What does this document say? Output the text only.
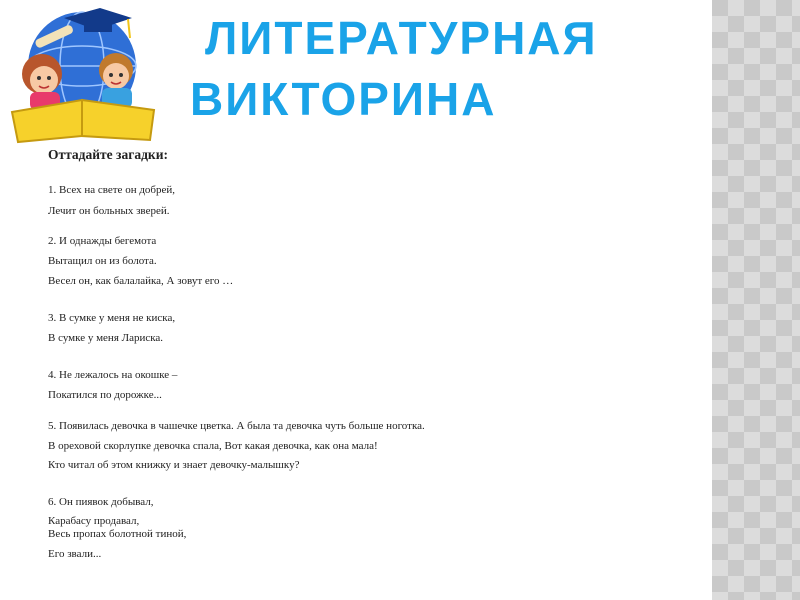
ЛИТЕРАТУРНАЯ
ВИКТОРИНА
Оттадайте загадки:
1. Всех на свете он добрей,
Лечит он больных зверей.
2. И однажды бегемота
Вытащил он из болота.
Весел он, как балалайка, А зовут его …
3. В сумке у меня не киска,
В сумке у меня Лариска.
4. Не лежалось на окошке –
Покатился по дорожке...
5. Появилась девочка в чашечке цветка. А была та девочка чуть больше ноготка.
В ореховой скорлупке девочка спала, Вот какая девочка, как она мала!
Кто читал об этом книжку и знает девочку-малышку?
6. Он пиявок добывал,
Карабасу продавал,
Весь пропах болотной тиной,
Его звали...
